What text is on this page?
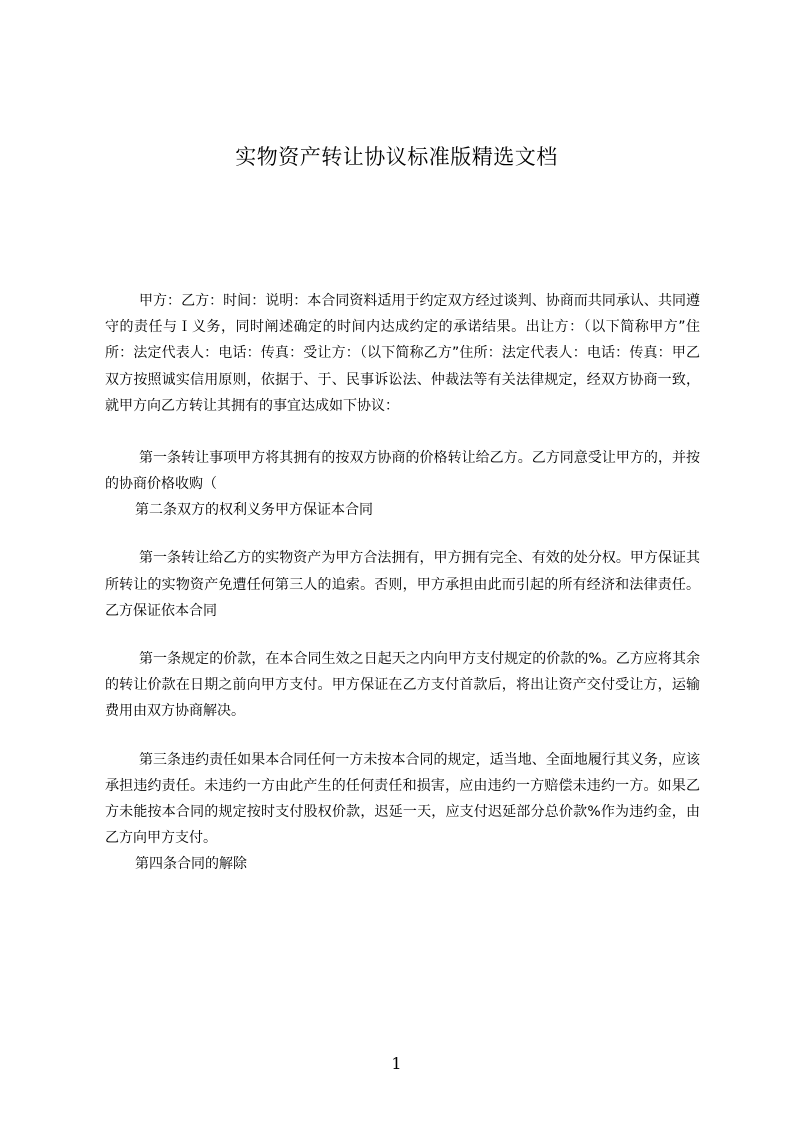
实物资产转让协议标准版精选文档

甲方：乙方：时间：说明：本合同资料适用于约定双方经过谈判、协商而共同承认、共同遵守的责任与Ｉ义务，同时阐述确定的时间内达成约定的承诺结果。出让方：（以下简称甲方”住所：法定代表人：电话：传真：受让方：（以下简称乙方”住所：法定代表人：电话：传真：甲乙双方按照诚实信用原则，依据于、于、民事诉讼法、仲裁法等有关法律规定，经双方协商一致，就甲方向乙方转让其拥有的事宜达成如下协议：

第一条转让事项甲方将其拥有的按双方协商的价格转让给乙方。乙方同意受让甲方的，并按的协商价格收购（

第二条双方的权利义务甲方保证本合同

第一条转让给乙方的实物资产为甲方合法拥有，甲方拥有完全、有效的处分权。甲方保证其所转让的实物资产免遭任何第三人的追索。否则，甲方承担由此而引起的所有经济和法律责任。乙方保证依本合同

第一条规定的价款，在本合同生效之日起天之内向甲方支付规定的价款的%。乙方应将其余的转让价款在日期之前向甲方支付。甲方保证在乙方支付首款后，将出让资产交付受让方，运输费用由双方协商解决。

第三条违约责任如果本合同任何一方未按本合同的规定，适当地、全面地履行其义务，应该承担违约责任。未违约一方由此产生的任何责任和损害，应由违约一方赔偿未违约一方。如果乙方未能按本合同的规定按时支付股权价款，迟延一天，应支付迟延部分总价款%作为违约金，由乙方向甲方支付。

第四条合同的解除

1
